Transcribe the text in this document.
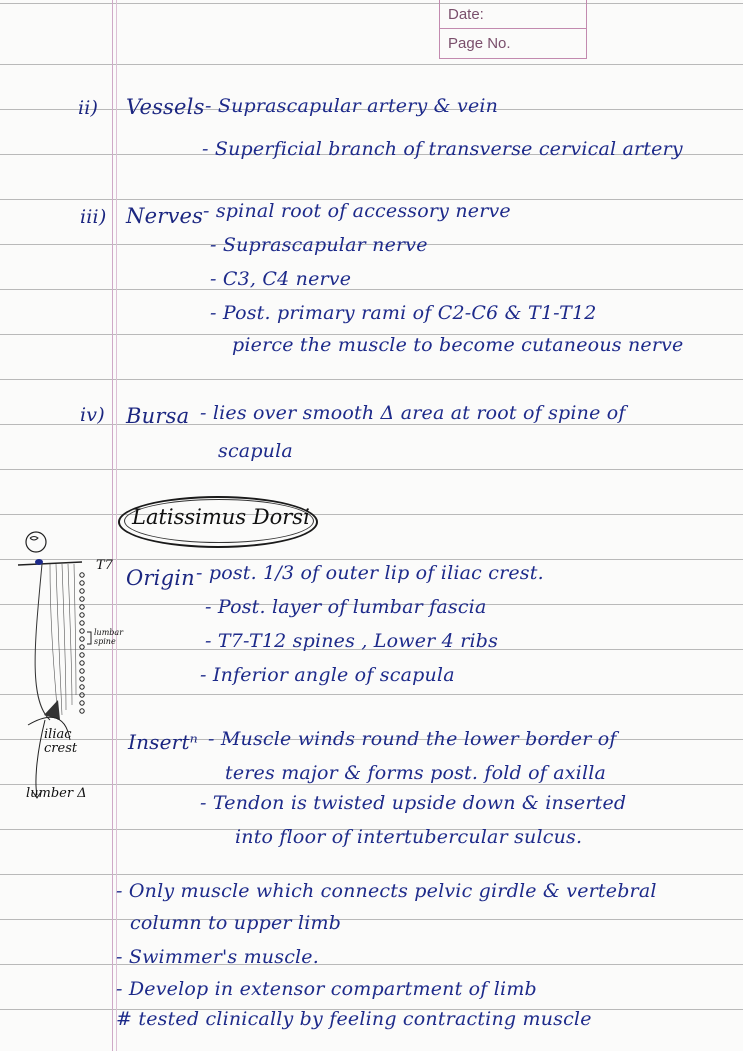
Date:
Page No.
ii) Vessels - Suprascapular artery & vein
- Superficial branch of transverse cervical artery
iii) Nerves - spinal root of accessory nerve
- Suprascapular nerve
- C3, C4 nerve
- Post. primary rami of C2-C6 & T1-T12
pierce the muscle to become cutaneous nerve
iv) Bursa - lies over smooth Δ area at root of spine of
scapula
Latissimus Dorsi
T7
lumbar spine
iliac crest
lumber Δ
Origin - post. 1/3 of outer lip of iliac crest.
- Post. layer of lumbar fascia
- T7-T12 spines , Lower 4 ribs
- Inferior angle of scapula
Insertⁿ - Muscle winds round the lower border of
teres major & forms post. fold of axilla
- Tendon is twisted upside down & inserted
into floor of intertubercular sulcus.
- Only muscle which connects pelvic girdle & vertebral
column to upper limb
- Swimmer's muscle.
- Develop in extensor compartment of limb
# tested clinically by feeling contracting muscle
